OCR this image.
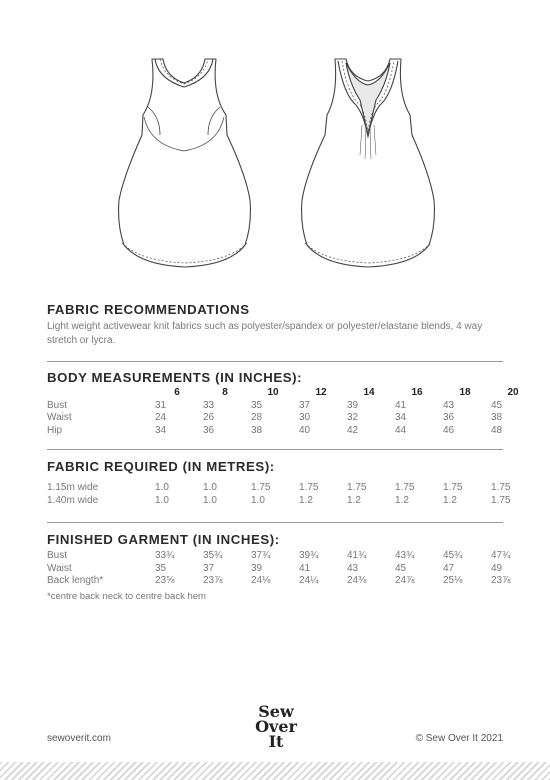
FABRIC RECOMMENDATIONS
Light weight activewear knit fabrics such as polyester/spandex or polyester/elastane blends, 4 way stretch or lycra.
BODY MEASUREMENTS (IN INCHES):
	6	8	10	12	14	16	18	20
Bust	31	33	35	37	39	41	43	45
Waist	24	26	28	30	32	34	36	38
Hip	34	36	38	40	42	44	46	48
FABRIC REQUIRED (IN METRES):
1.15m wide	1.0	1.0	1.75	1.75	1.75	1.75	1.75	1.75
1.40m wide	1.0	1.0	1.0	1.2	1.2	1.2	1.2	1.75
FINISHED GARMENT (IN INCHES):
Bust	33¾	35¾	37¾	39¾	41¾	43¾	45¾	47¾
Waist	35	37	39	41	43	45	47	49
Back length*	23⅝	23⅞	24⅛	24¼	24⅜	24⅞	25⅛	23⅞
*centre back neck to centre back hem
sewoverit.com
Sew
Over It	© Sew Over It 2021
